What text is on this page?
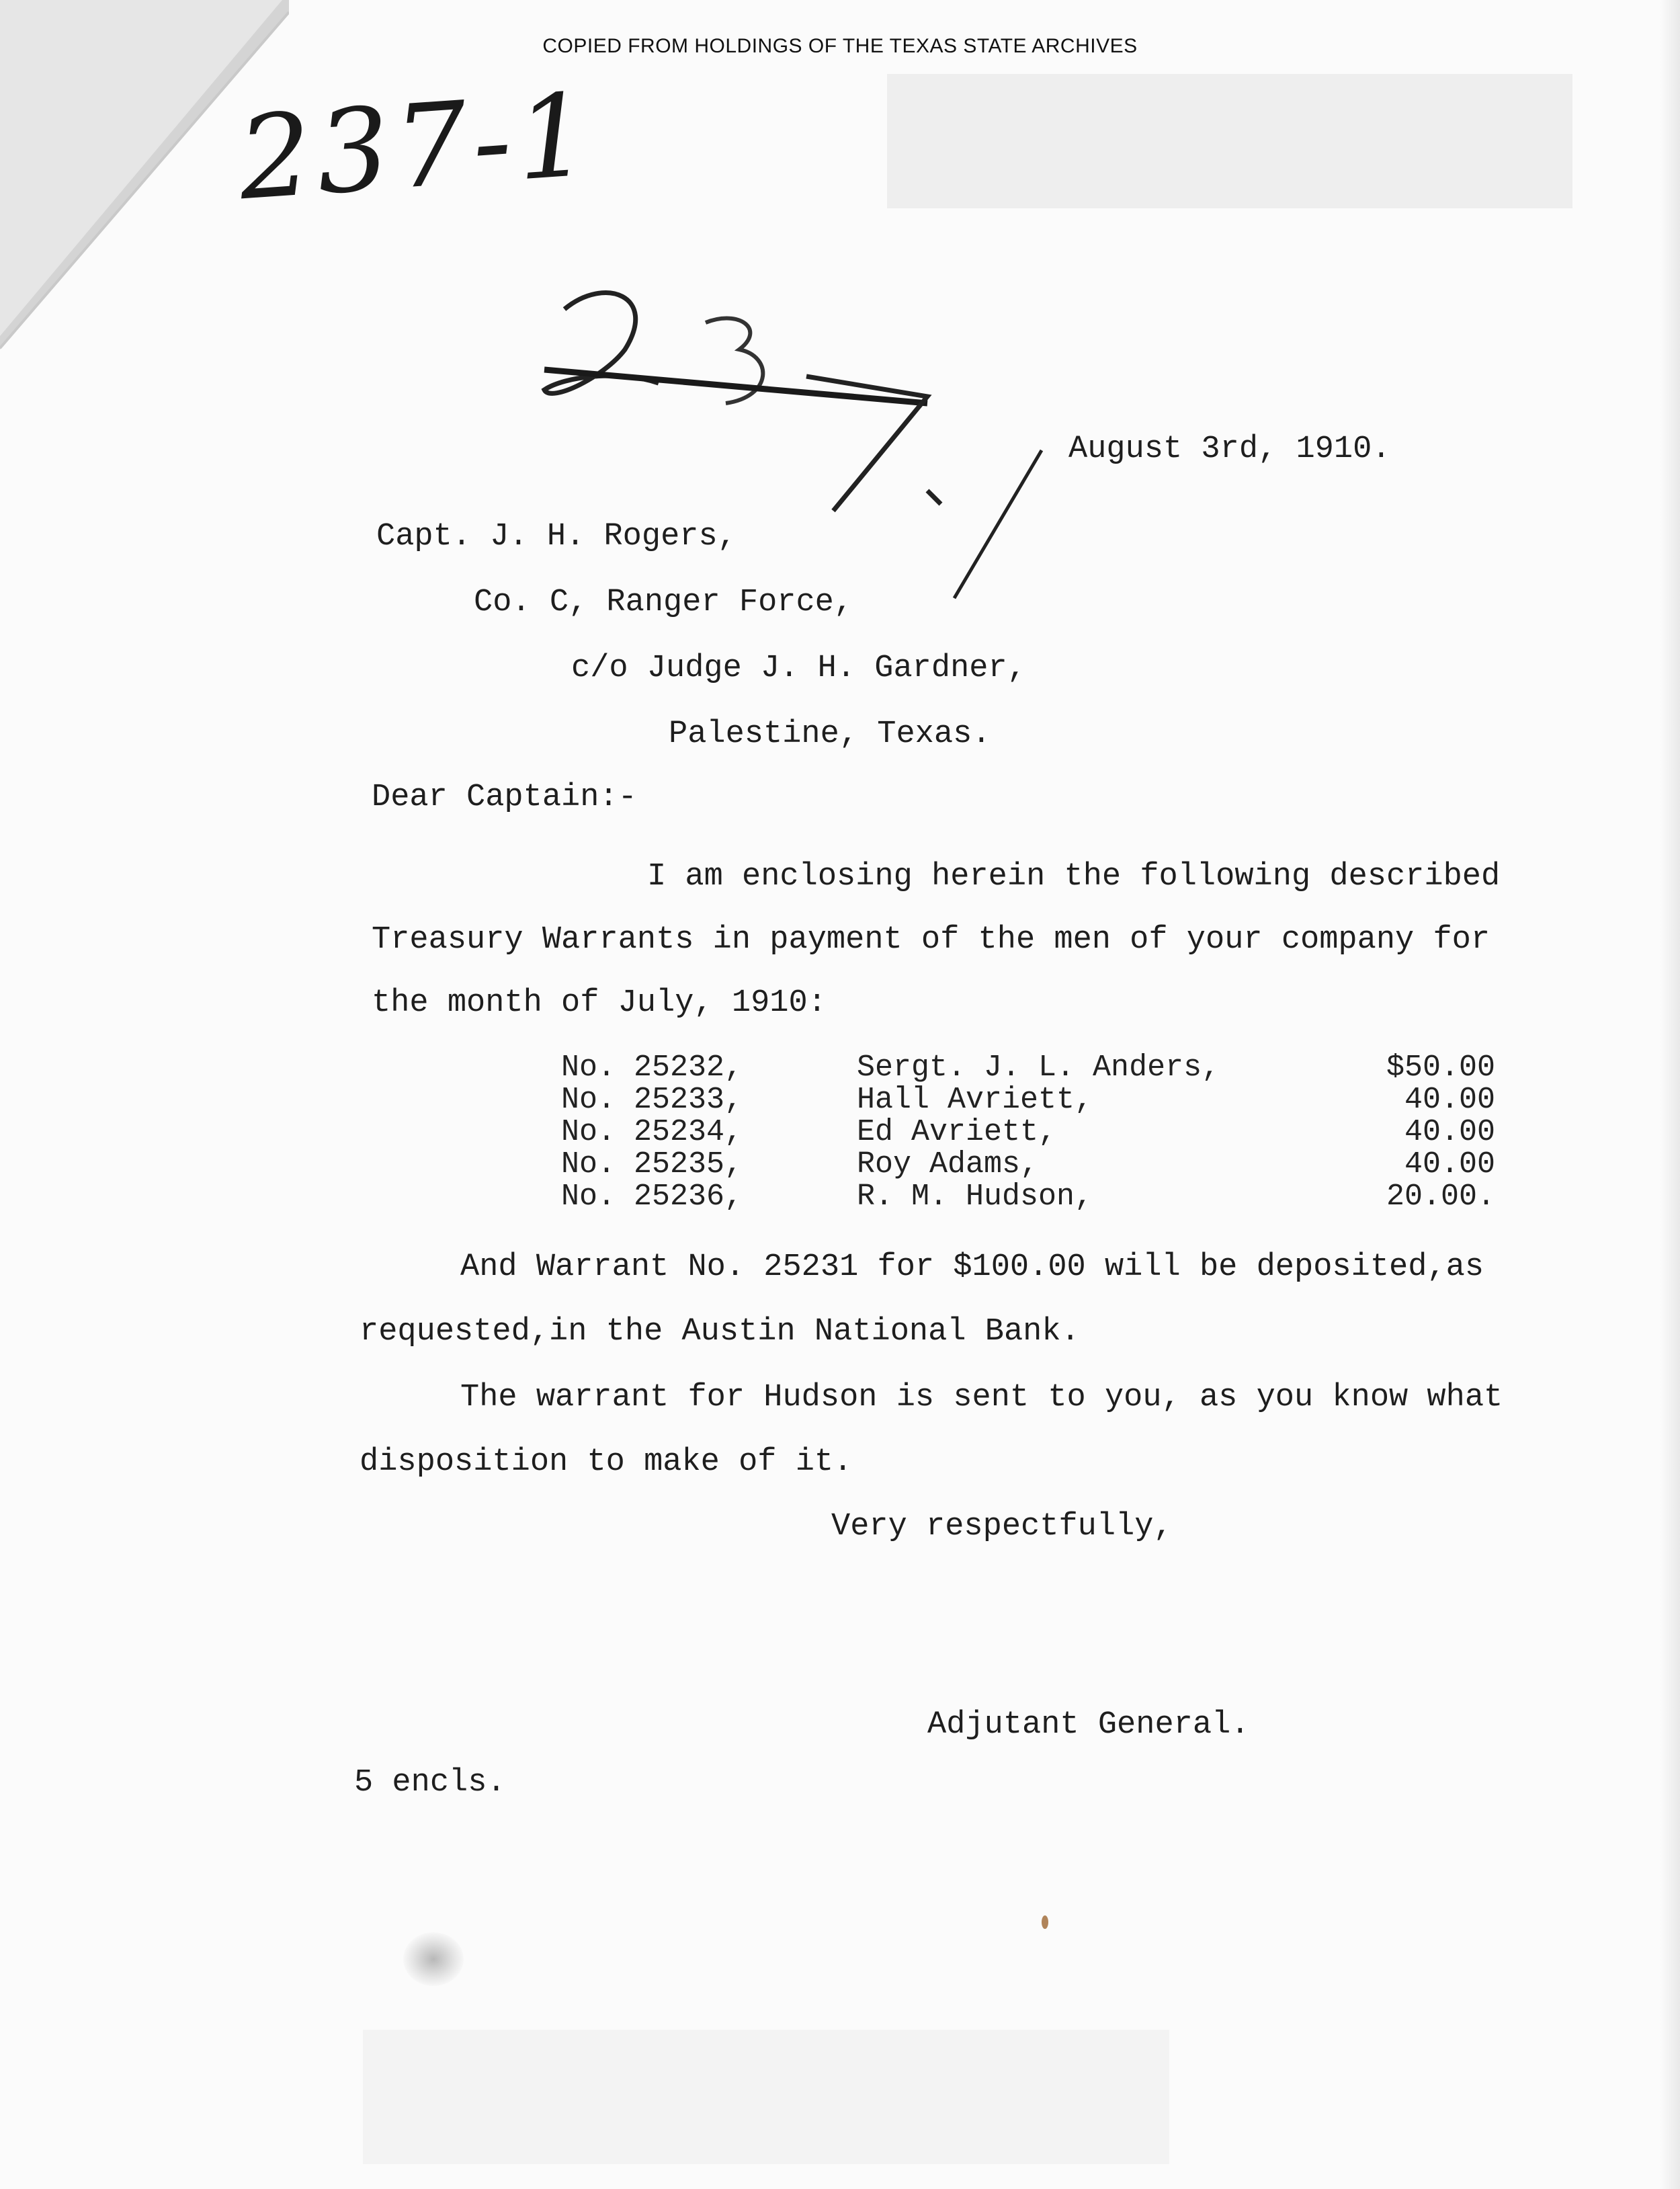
COPIED FROM HOLDINGS OF THE TEXAS STATE ARCHIVES
237-1
August 3rd, 1910.
Capt. J. H. Rogers,
Co. C, Ranger Force,
c/o Judge J. H. Gardner,
Palestine, Texas.
Dear Captain:-
I am enclosing herein the following described Treasury Warrants in payment of the men of your company for the month of July, 1910:
No. 25232,	Sergt. J. L. Anders,	$50.00
No. 25233,	Hall Avriett,	40.00
No. 25234,	Ed Avriett,	40.00
No. 25235,	Roy Adams,	40.00
No. 25236,	R. M. Hudson,	20.00.
And Warrant No. 25231 for $100.00 will be deposited,as requested,in the Austin National Bank.
The warrant for Hudson is sent to you, as you know what disposition to make of it.
Very respectfully,
Adjutant General.
5 encls.
